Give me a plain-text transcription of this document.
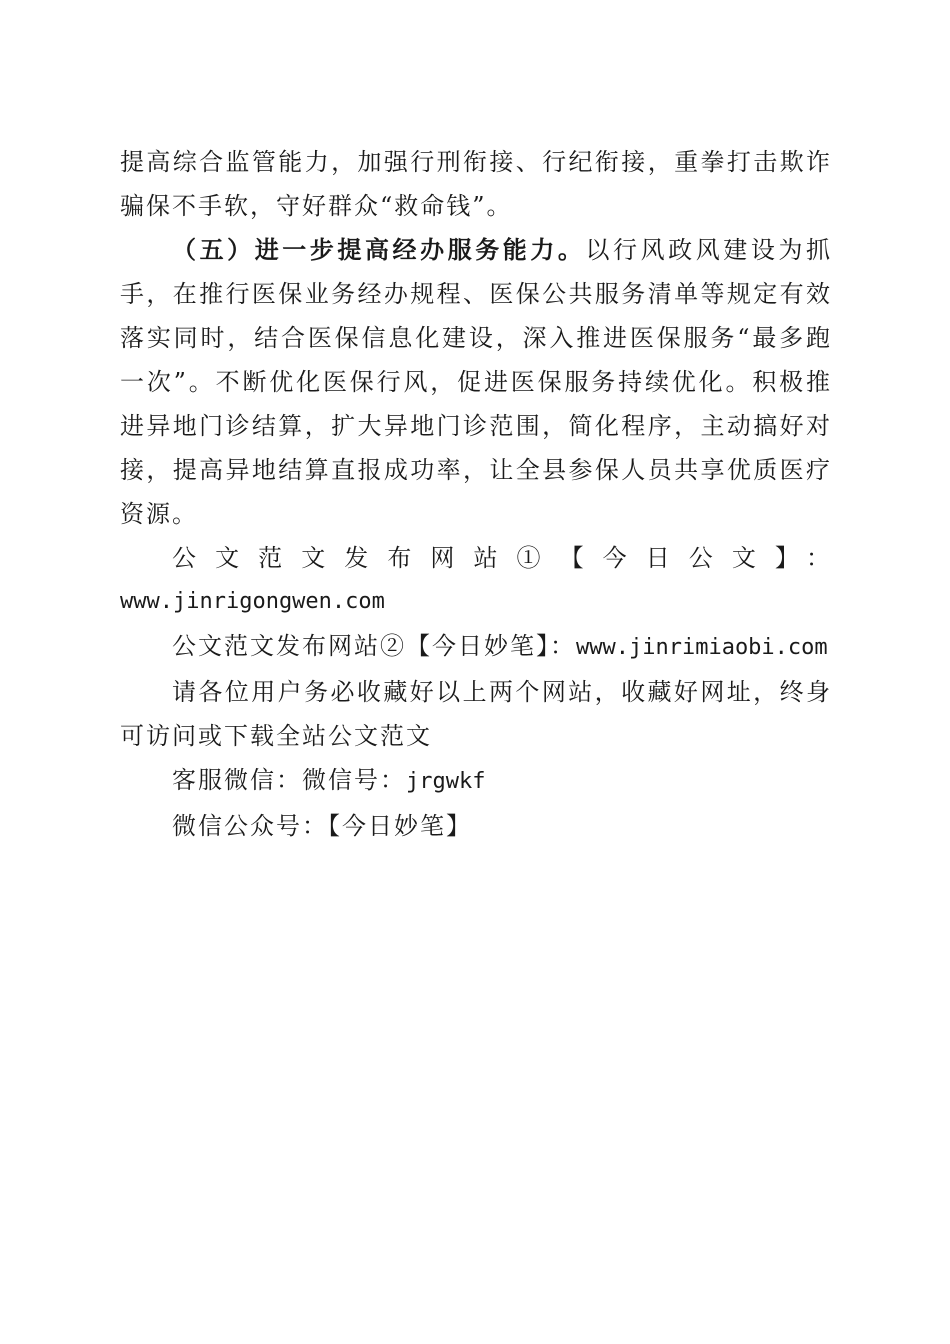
提高综合监管能力，加强行刑衔接、行纪衔接，重拳打击欺诈骗保不手软，守好群众“救命钱”。

（五）进一步提高经办服务能力。以行风政风建设为抓手，在推行医保业务经办规程、医保公共服务清单等规定有效落实同时，结合医保信息化建设，深入推进医保服务“最多跑一次”。不断优化医保行风，促进医保服务持续优化。积极推进异地门诊结算，扩大异地门诊范围，简化程序，主动搞好对接，提高异地结算直报成功率，让全县参保人员共享优质医疗资源。

公文范文发布网站①【今日公文】：

www.jinrigongwen.com

公文范文发布网站②【今日妙笔】：www.jinrimiaobi.com

请各位用户务必收藏好以上两个网站，收藏好网址，终身可访问或下载全站公文范文

客服微信：微信号：jrgwkf

微信公众号：【今日妙笔】
